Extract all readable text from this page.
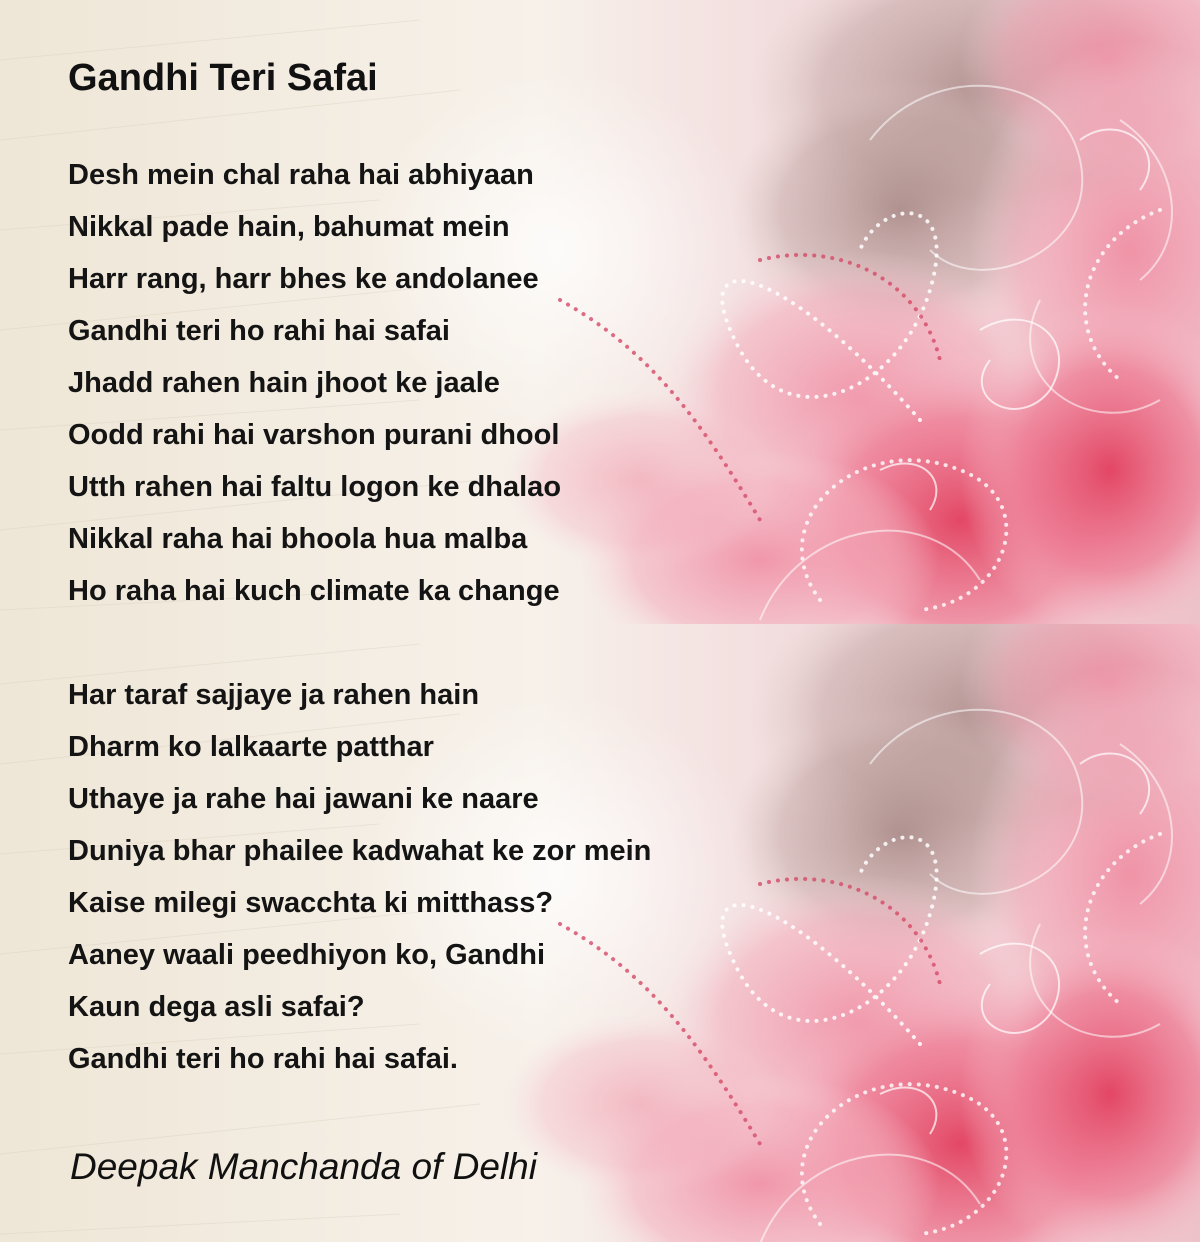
Gandhi Teri Safai
Desh mein chal raha hai abhiyaan
Nikkal pade hain, bahumat mein
Harr rang, harr bhes ke andolanee
Gandhi teri ho rahi hai safai
Jhadd rahen hain jhoot ke jaale
Oodd rahi hai varshon purani dhool
Utth rahen hai faltu logon ke dhalao
Nikkal raha hai bhoola hua malba
Ho raha hai kuch climate ka change
Har taraf sajjaye ja rahen hain
Dharm ko lalkaarte patthar
Uthaye ja rahe hai jawani ke naare
Duniya bhar phailee kadwahat ke zor mein
Kaise milegi swacchta ki mitthass?
Aaney waali peedhiyon ko, Gandhi
Kaun dega asli safai?
Gandhi teri ho rahi hai safai.
Deepak Manchanda of Delhi
